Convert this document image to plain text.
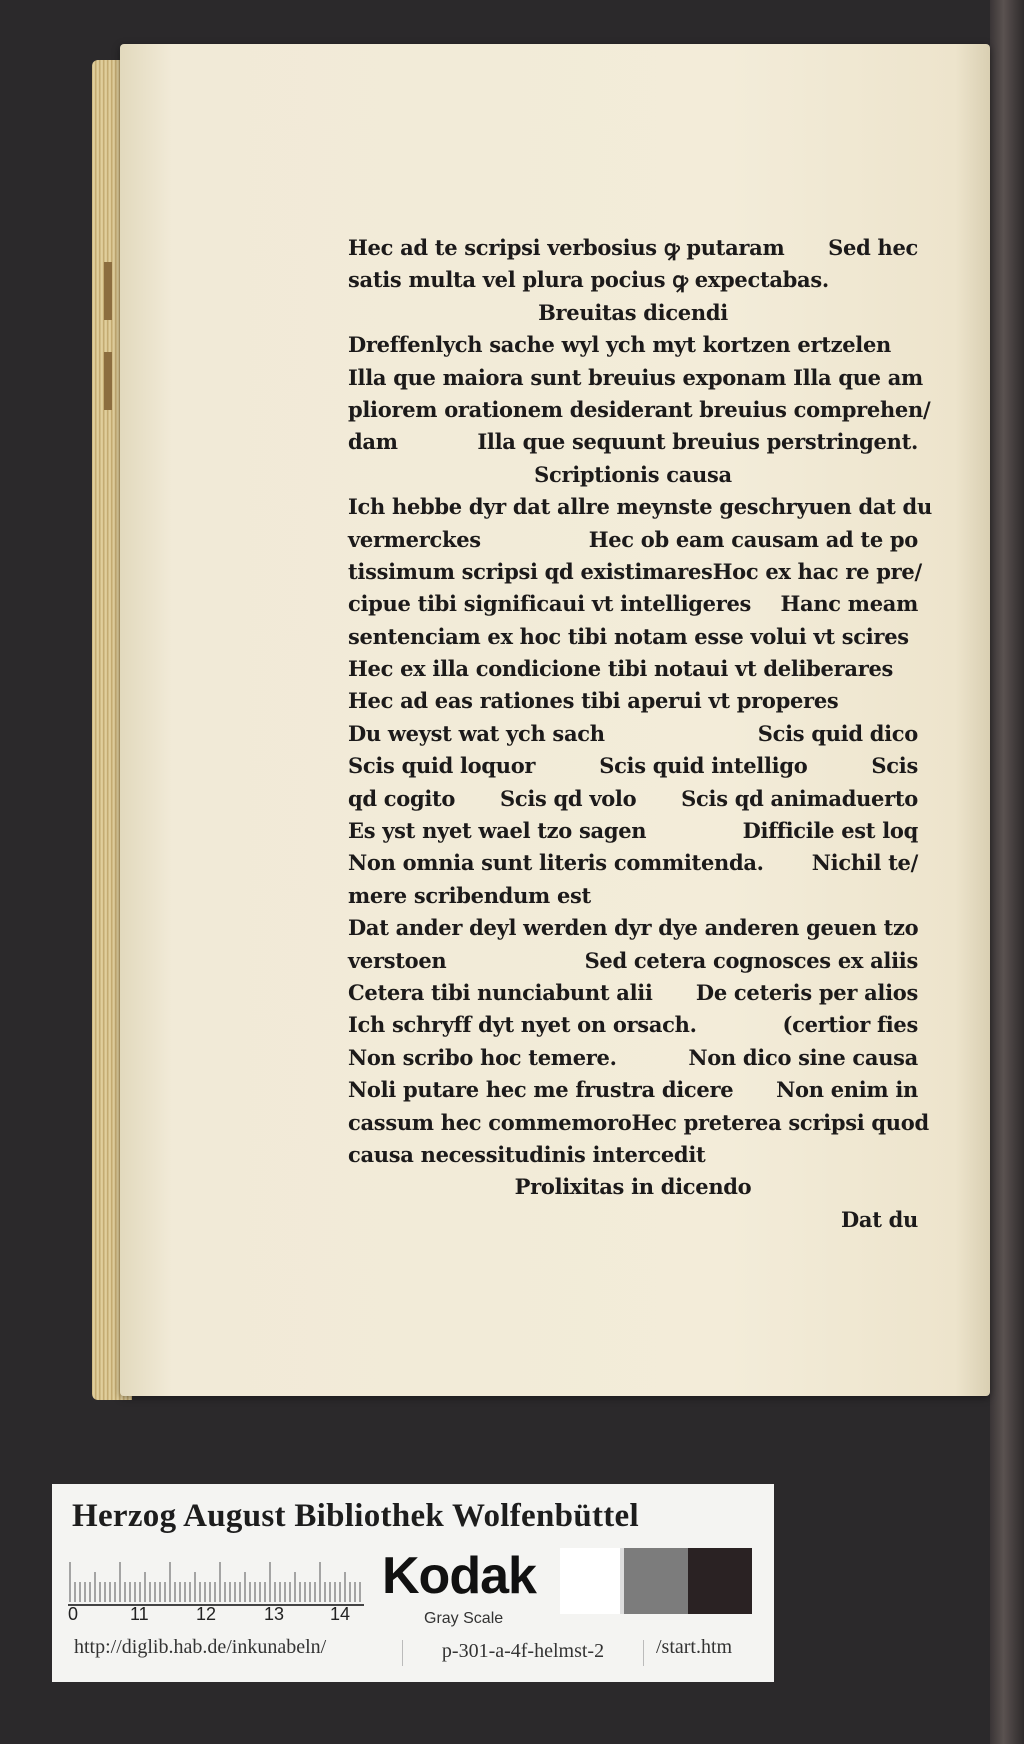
Hec ad te scripsi verbosius ꝙ putaram Sed hec
satis multa vel plura pocius ꝙ expectabas.
Breuitas dicendi
Dreffenlych sache wyl ych myt kortzen ertzelen
Illa que maiora sunt breuius exponam Illa que am
pliorem orationem desiderant breuius comprehen/
dam	Illa que sequunt breuius perstringent.
Scriptionis causa
Ich hebbe dyr dat allre meynste geschryuen dat du
vermerckes	Hec ob eam causam ad te po
tissimum scripsi qd existimares Hoc ex hac re pre/
cipue tibi significaui vt intelligeres Hanc meam
sentenciam ex hoc tibi notam esse volui vt scires
Hec ex illa condicione tibi notaui vt deliberares
Hec ad eas rationes tibi aperui vt properes
Du weyst wat ych sach	Scis quid dico
Scis quid loquor	Scis quid intelligo	Scis
qd cogito Scis qd volo Scis qd animaduerto
Es yst nyet wael tzo sagen	Difficile est loq
Non omnia sunt literis commitenda. Nichil te/
mere scribendum est
Dat ander deyl werden dyr dye anderen geuen tzo
verstoen	Sed cetera cognosces ex aliis
Cetera tibi nunciabunt alii De ceteris per alios
Ich schryff dyt nyet on orsach.	(certior fies
Non scribo hoc temere.	Non dico sine causa
Noli putare hec me frustra dicere Non enim in
cassum hec commemoro Hec preterea scripsi quod
causa necessitudinis intercedit
Prolixitas in dicendo
Dat du
Herzog August Bibliothek Wolfenbüttel
0	11	12	13	14
Kodak
Gray Scale
http://diglib.hab.de/inkunabeln/	p-301-a-4f-helmst-2	/start.htm
